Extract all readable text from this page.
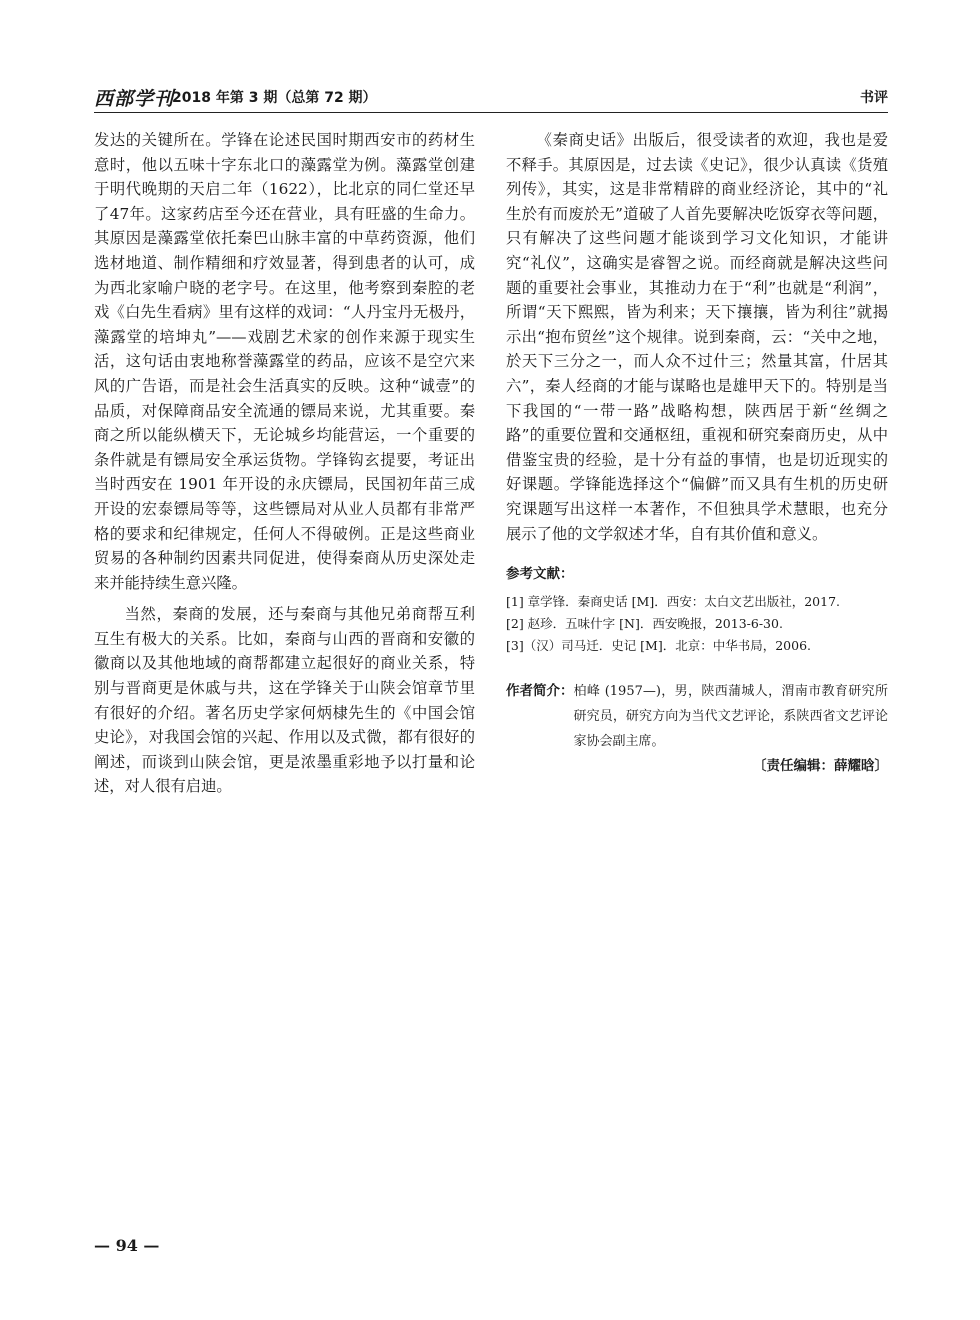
西部学刊
2018 年第 3 期（总第 72 期）	书评

发达的关键所在。学锋在论述民国时期西安市的药材生意时，他以五味十字东北口的藻露堂为例。藻露堂创建于明代晚期的天启二年（1622），比北京的同仁堂还早了47年。这家药店至今还在营业，具有旺盛的生命力。其原因是藻露堂依托秦巴山脉丰富的中草药资源，他们选材地道、制作精细和疗效显著，得到患者的认可，成为西北家喻户晓的老字号。在这里，他考察到秦腔的老戏《白先生看病》里有这样的戏词：“人丹宝丹无极丹，藻露堂的培坤丸”——戏剧艺术家的创作来源于现实生活，这句话由衷地称誉藻露堂的药品，应该不是空穴来风的广告语，而是社会生活真实的反映。这种“诚壹”的品质，对保障商品安全流通的镖局来说，尤其重要。秦商之所以能纵横天下，无论城乡均能营运，一个重要的条件就是有镖局安全承运货物。学锋钩玄提要，考证出当时西安在 1901 年开设的永庆镖局，民国初年苗三成开设的宏泰镖局等等，这些镖局对从业人员都有非常严格的要求和纪律规定，任何人不得破例。正是这些商业贸易的各种制约因素共同促进，使得秦商从历史深处走来并能持续生意兴隆。

当然，秦商的发展，还与秦商与其他兄弟商帮互利互生有极大的关系。比如，秦商与山西的晋商和安徽的徽商以及其他地域的商帮都建立起很好的商业关系，特别与晋商更是休戚与共，这在学锋关于山陕会馆章节里有很好的介绍。著名历史学家何炳棣先生的《中国会馆史论》，对我国会馆的兴起、作用以及式微，都有很好的阐述，而谈到山陕会馆，更是浓墨重彩地予以打量和论述，对人很有启迪。

《秦商史话》出版后，很受读者的欢迎，我也是爱不释手。其原因是，过去读《史记》，很少认真读《货殖列传》，其实，这是非常精辟的商业经济论，其中的“礼生於有而废於无”道破了人首先要解决吃饭穿衣等问题，只有解决了这些问题才能谈到学习文化知识，才能讲究“礼仪”，这确实是睿智之说。而经商就是解决这些问题的重要社会事业，其推动力在于“利”也就是“利润”，所谓“天下熙熙，皆为利来；天下攘攘，皆为利往”就揭示出“抱布贸丝”这个规律。说到秦商，云：“关中之地，於天下三分之一，而人众不过什三；然量其富，什居其六”，秦人经商的才能与谋略也是雄甲天下的。特别是当下我国的“一带一路”战略构想，陕西居于新“丝绸之路”的重要位置和交通枢纽，重视和研究秦商历史，从中借鉴宝贵的经验，是十分有益的事情，也是切近现实的好课题。学锋能选择这个“偏僻”而又具有生机的历史研究课题写出这样一本著作，不但独具学术慧眼，也充分展示了他的文学叙述才华，自有其价值和意义。

参考文献：
[1] 章学锋．秦商史话 [M]．西安：太白文艺出版社，2017.
[2] 赵珍．五味什字 [N]．西安晚报，2013-6-30.
[3]（汉）司马迁．史记 [M]．北京：中华书局，2006.
作者简介： 柏峰 (1957—)，男，陕西蒲城人，渭南市教育研究所研究员，研究方向为当代文艺评论，系陕西省文艺评论家协会副主席。
〔责任编辑：薛耀晗〕
— 94 —
